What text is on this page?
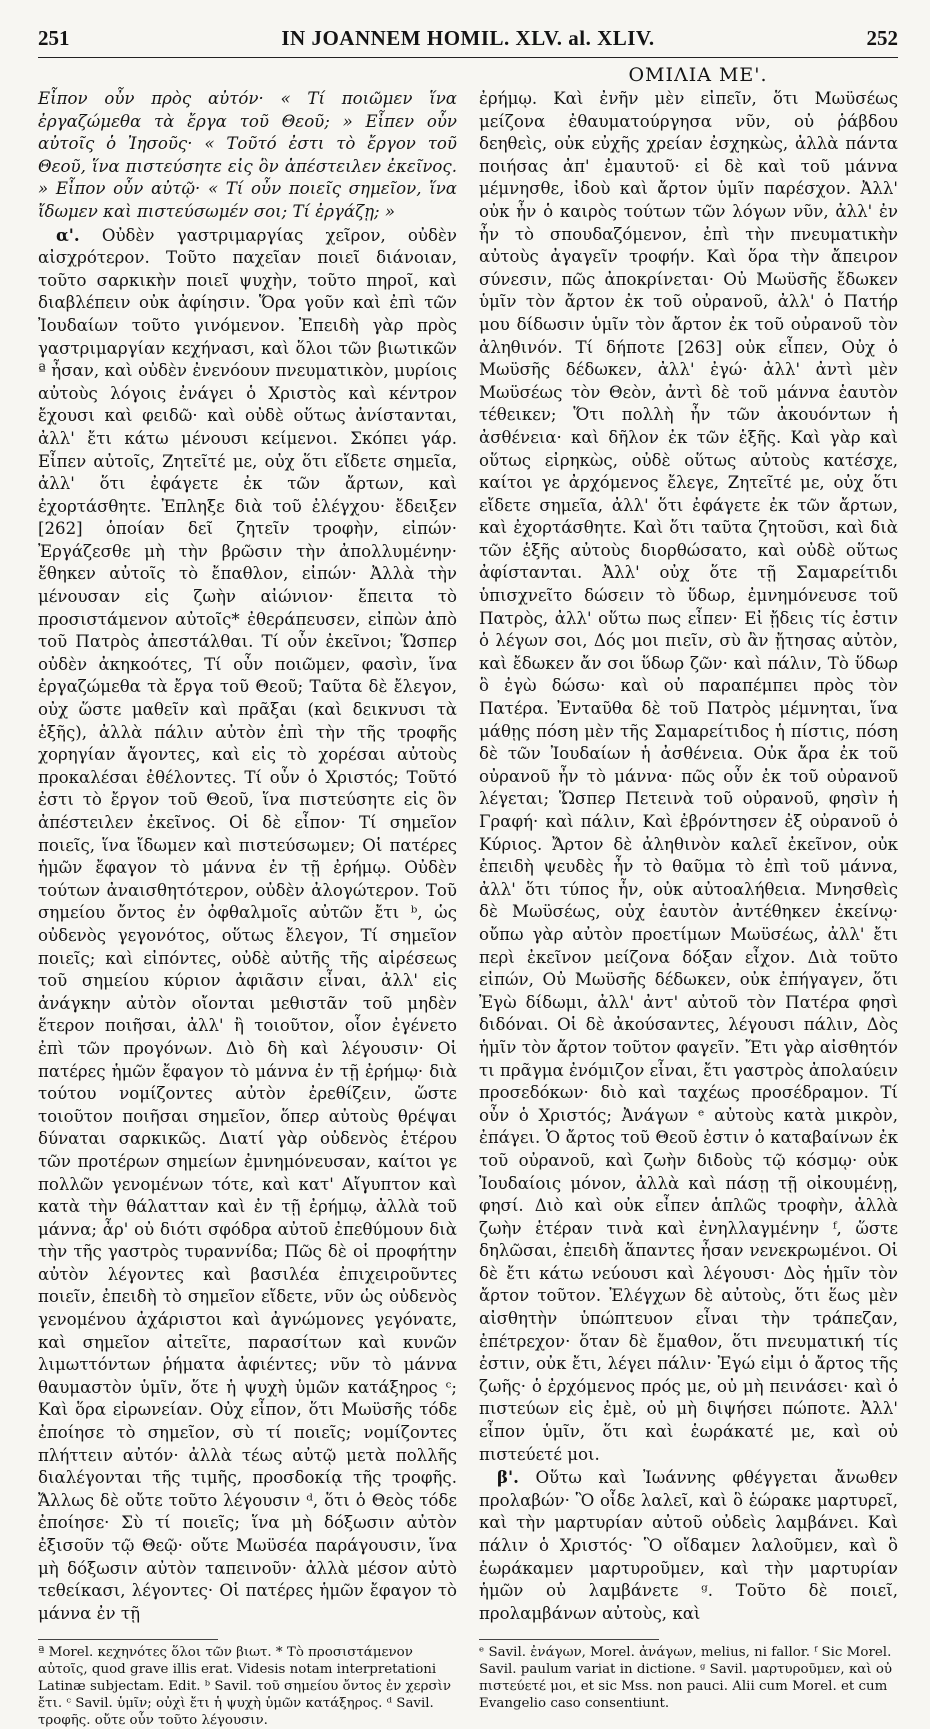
251	IN JOANNEM HOMIL. XLV. al. XLIV.	252
ΟΜΙΛΙΑ ΜΕ'.

Εἶπον οὖν πρὸς αὐτόν· « Τί ποιῶμεν ἵνα ἐργαζώμεθα τὰ ἔργα τοῦ Θεοῦ; » Εἶπεν οὖν αὐτοῖς ὁ Ἰησοῦς· « Τοῦτό ἐστι τὸ ἔργον τοῦ Θεοῦ, ἵνα πιστεύσητε εἰς ὃν ἀπέστειλεν ἐκεῖνος. » Εἶπον οὖν αὐτῷ· « Τί οὖν ποιεῖς σημεῖον, ἵνα ἴδωμεν καὶ πιστεύσωμέν σοι; Τί ἐργάζῃ; »

α'. Οὐδὲν γαστριμαργίας χεῖρον, οὐδὲν αἰσχρότερον. Τοῦτο παχεῖαν ποιεῖ διάνοιαν, τοῦτο σαρκικὴν ποιεῖ ψυχὴν, τοῦτο πηροῖ, καὶ διαβλέπειν οὐκ ἀφίησιν. Ὅρα γοῦν καὶ ἐπὶ τῶν Ἰουδαίων τοῦτο γινόμενον. Ἐπειδὴ γὰρ πρὸς γαστριμαργίαν κεχήνασι, καὶ ὅλοι τῶν βιωτικῶν ª ἦσαν, καὶ οὐδὲν ἐνενόουν πνευματικὸν, μυρίοις αὐτοὺς λόγοις ἐνάγει ὁ Χριστὸς καὶ κέντρον ἔχουσι καὶ φειδῶ· καὶ οὐδὲ οὕτως ἀνίστανται, ἀλλ' ἔτι κάτω μένουσι κείμενοι. Σκόπει γάρ. Εἶπεν αὐτοῖς, Ζητεῖτέ με, οὐχ ὅτι εἴδετε σημεῖα, ἀλλ' ὅτι ἐφάγετε ἐκ τῶν ἄρτων, καὶ ἐχορτάσθητε. Ἐπληξε διὰ τοῦ ἐλέγχου· ἔδειξεν [262] ὁποίαν δεῖ ζητεῖν τροφὴν, εἰπών· Ἐργάζεσθε μὴ τὴν βρῶσιν τὴν ἀπολλυμένην· ἔθηκεν αὐτοῖς τὸ ἔπαθλον, εἰπών· Ἀλλὰ τὴν μένουσαν εἰς ζωὴν αἰώνιον· ἔπειτα τὸ προσιστάμενον αὐτοῖς* ἐθεράπευσεν, εἰπὼν ἀπὸ τοῦ Πατρὸς ἀπεστάλθαι. Τί οὖν ἐκεῖνοι; Ὥσπερ οὐδὲν ἀκηκοότες, Τί οὖν ποιῶμεν, φασὶν, ἵνα ἐργαζώμεθα τὰ ἔργα τοῦ Θεοῦ; Ταῦτα δὲ ἔλεγον, οὐχ ὥστε μαθεῖν καὶ πρᾶξαι (καὶ δεικνυσι τὰ ἑξῆς), ἀλλὰ πάλιν αὐτὸν ἐπὶ τὴν τῆς τροφῆς χορηγίαν ἄγοντες, καὶ εἰς τὸ χορέσαι αὐτοὺς προκαλέσαι ἐθέλοντες. Τί οὖν ὁ Χριστός; Τοῦτό ἐστι τὸ ἔργον τοῦ Θεοῦ, ἵνα πιστεύσητε εἰς ὃν ἀπέστειλεν ἐκεῖνος. Οἱ δὲ εἶπον· Τί σημεῖον ποιεῖς, ἵνα ἴδωμεν καὶ πιστεύσωμεν; Οἱ πατέρες ἡμῶν ἔφαγον τὸ μάννα ἐν τῇ ἐρήμῳ. Οὐδὲν τούτων ἀναισθητότερον, οὐδὲν ἀλογώτερον. Τοῦ σημείου ὄντος ἐν ὀφθαλμοῖς αὐτῶν ἔτι ᵇ, ὡς οὐδενὸς γεγονότος, οὕτως ἔλεγον, Τί σημεῖον ποιεῖς; καὶ εἰπόντες, οὐδὲ αὐτῆς τῆς αἱρέσεως τοῦ σημείου κύριον ἀφιᾶσιν εἶναι, ἀλλ' εἰς ἀνάγκην αὐτὸν οἴονται μεθιστᾶν τοῦ μηδὲν ἕτερον ποιῆσαι, ἀλλ' ἢ τοιοῦτον, οἷον ἐγένετο ἐπὶ τῶν προγόνων. Διὸ δὴ καὶ λέγουσιν· Οἱ πατέρες ἡμῶν ἔφαγον τὸ μάννα ἐν τῇ ἐρήμῳ· διὰ τούτου νομίζοντες αὐτὸν ἐρεθίζειν, ὥστε τοιοῦτον ποιῆσαι σημεῖον, ὅπερ αὐτοὺς θρέψαι δύναται σαρκικῶς. Διατί γὰρ οὐδενὸς ἑτέρου τῶν προτέρων σημείων ἐμνημόνευσαν, καίτοι γε πολλῶν γενομένων τότε, καὶ κατ' Αἴγυπτον καὶ κατὰ τὴν θάλατταν καὶ ἐν τῇ ἐρήμῳ, ἀλλὰ τοῦ μάννα; ἆρ' οὐ διότι σφόδρα αὐτοῦ ἐπεθύμουν διὰ τὴν τῆς γαστρὸς τυραννίδα; Πῶς δὲ οἱ προφήτην αὐτὸν λέγοντες καὶ βασιλέα ἐπιχειροῦντες ποιεῖν, ἐπειδὴ τὸ σημεῖον εἴδετε, νῦν ὡς οὐδενὸς γενομένου ἀχάριστοι καὶ ἀγνώμονες γεγόνατε, καὶ σημεῖον αἰτεῖτε, παρασίτων καὶ κυνῶν λιμωττόντων ῥήματα ἀφιέντες; νῦν τὸ μάννα θαυμαστὸν ὑμῖν, ὅτε ἡ ψυχὴ ὑμῶν κατάξηρος ᶜ; Καὶ ὅρα εἰρωνείαν. Οὐχ εἶπον, ὅτι Μωϋσῆς τόδε ἐποίησε τὸ σημεῖον, σὺ τί ποιεῖς; νομίζοντες πλήττειν αὐτόν· ἀλλὰ τέως αὐτῷ μετὰ πολλῆς διαλέγονται τῆς τιμῆς, προσδοκίᾳ τῆς τροφῆς. Ἄλλως δὲ οὔτε τοῦτο λέγουσιν ᵈ, ὅτι ὁ Θεὸς τόδε ἐποίησε· Σὺ τί ποιεῖς; ἵνα μὴ δόξωσιν αὐτὸν ἐξισοῦν τῷ Θεῷ· οὔτε Μωϋσέα παράγουσιν, ἵνα μὴ δόξωσιν αὐτὸν ταπεινοῦν· ἀλλὰ μέσον αὐτὸ τεθείκασι, λέγοντες· Οἱ πατέρες ἡμῶν ἔφαγον τὸ μάννα ἐν τῇ

ἐρήμῳ. Καὶ ἐνῆν μὲν εἰπεῖν, ὅτι Μωϋσέως μείζονα ἐθαυματούργησα νῦν, οὐ ῥάβδου δεηθεὶς, οὐκ εὐχῆς χρείαν ἐσχηκὼς, ἀλλὰ πάντα ποιήσας ἀπ' ἐμαυτοῦ· εἰ δὲ καὶ τοῦ μάννα μέμνησθε, ἰδοὺ καὶ ἄρτον ὑμῖν παρέσχον. Ἀλλ' οὐκ ἦν ὁ καιρὸς τούτων τῶν λόγων νῦν, ἀλλ' ἐν ἦν τὸ σπουδαζόμενον, ἐπὶ τὴν πνευματικὴν αὐτοὺς ἀγαγεῖν τροφήν. Καὶ ὅρα τὴν ἄπειρον σύνεσιν, πῶς ἀποκρίνεται· Οὐ Μωϋσῆς ἔδωκεν ὑμῖν τὸν ἄρτον ἐκ τοῦ οὐρανοῦ, ἀλλ' ὁ Πατήρ μου δίδωσιν ὑμῖν τὸν ἄρτον ἐκ τοῦ οὐρανοῦ τὸν ἀληθινόν. Τί δήποτε [263] οὐκ εἶπεν, Οὐχ ὁ Μωϋσῆς δέδωκεν, ἀλλ' ἐγώ· ἀλλ' ἀντὶ μὲν Μωϋσέως τὸν Θεὸν, ἀντὶ δὲ τοῦ μάννα ἑαυτὸν τέθεικεν; Ὅτι πολλὴ ἦν τῶν ἀκουόντων ἡ ἀσθένεια· καὶ δῆλον ἐκ τῶν ἑξῆς. Καὶ γὰρ καὶ οὕτως εἰρηκὼς, οὐδὲ οὕτως αὐτοὺς κατέσχε, καίτοι γε ἀρχόμενος ἔλεγε, Ζητεῖτέ με, οὐχ ὅτι εἴδετε σημεῖα, ἀλλ' ὅτι ἐφάγετε ἐκ τῶν ἄρτων, καὶ ἐχορτάσθητε. Καὶ ὅτι ταῦτα ζητοῦσι, καὶ διὰ τῶν ἑξῆς αὐτοὺς διορθώσατο, καὶ οὐδὲ οὕτως ἀφίστανται. Ἀλλ' οὐχ ὅτε τῇ Σαμαρείτιδι ὑπισχνεῖτο δώσειν τὸ ὕδωρ, ἐμνημόνευσε τοῦ Πατρὸς, ἀλλ' οὕτω πως εἶπεν· Εἰ ᾔδεις τίς ἐστιν ὁ λέγων σοι, Δός μοι πιεῖν, σὺ ἂν ᾔτησας αὐτὸν, καὶ ἔδωκεν ἄν σοι ὕδωρ ζῶν· καὶ πάλιν, Τὸ ὕδωρ ὃ ἐγὼ δώσω· καὶ οὐ παραπέμπει πρὸς τὸν Πατέρα. Ἐνταῦθα δὲ τοῦ Πατρὸς μέμνηται, ἵνα μάθῃς πόση μὲν τῆς Σαμαρείτιδος ἡ πίστις, πόση δὲ τῶν Ἰουδαίων ἡ ἀσθένεια. Οὐκ ἄρα ἐκ τοῦ οὐρανοῦ ἦν τὸ μάννα· πῶς οὖν ἐκ τοῦ οὐρανοῦ λέγεται; Ὥσπερ Πετεινὰ τοῦ οὐρανοῦ, φησὶν ἡ Γραφή· καὶ πάλιν, Καὶ ἐβρόντησεν ἐξ οὐρανοῦ ὁ Κύριος. Ἄρτον δὲ ἀληθινὸν καλεῖ ἐκεῖνον, οὐκ ἐπειδὴ ψευδὲς ἦν τὸ θαῦμα τὸ ἐπὶ τοῦ μάννα, ἀλλ' ὅτι τύπος ἦν, οὐκ αὐτοαλήθεια. Μνησθεὶς δὲ Μωϋσέως, οὐχ ἑαυτὸν ἀντέθηκεν ἐκείνῳ· οὔπω γὰρ αὐτὸν προετίμων Μωϋσέως, ἀλλ' ἔτι περὶ ἐκεῖνον μείζονα δόξαν εἶχον. Διὰ τοῦτο εἰπών, Οὐ Μωϋσῆς δέδωκεν, οὐκ ἐπήγαγεν, ὅτι Ἐγὼ δίδωμι, ἀλλ' ἀντ' αὐτοῦ τὸν Πατέρα φησὶ διδόναι. Οἱ δὲ ἀκούσαντες, λέγουσι πάλιν, Δὸς ἡμῖν τὸν ἄρτον τοῦτον φαγεῖν. Ἔτι γὰρ αἰσθητόν τι πρᾶγμα ἐνόμιζον εἶναι, ἔτι γαστρὸς ἀπολαύειν προσεδόκων· διὸ καὶ ταχέως προσέδραμον. Τί οὖν ὁ Χριστός; Ἀνάγων ᵉ αὐτοὺς κατὰ μικρὸν, ἐπάγει. Ὁ ἄρτος τοῦ Θεοῦ ἐστιν ὁ καταβαίνων ἐκ τοῦ οὐρανοῦ, καὶ ζωὴν διδοὺς τῷ κόσμῳ· οὐκ Ἰουδαίοις μόνον, ἀλλὰ καὶ πάσῃ τῇ οἰκουμένῃ, φησί. Διὸ καὶ οὐκ εἶπεν ἁπλῶς τροφὴν, ἀλλὰ ζωὴν ἑτέραν τινὰ καὶ ἐνηλλαγμένην ᶠ, ὥστε δηλῶσαι, ἐπειδὴ ἅπαντες ἦσαν νενεκρωμένοι. Οἱ δὲ ἔτι κάτω νεύουσι καὶ λέγουσι· Δὸς ἡμῖν τὸν ἄρτον τοῦτον. Ἐλέγχων δὲ αὐτοὺς, ὅτι ἕως μὲν αἰσθητὴν ὑπώπτευον εἶναι τὴν τράπεζαν, ἐπέτρεχον· ὅταν δὲ ἔμαθον, ὅτι πνευματική τίς ἐστιν, οὐκ ἔτι, λέγει πάλιν· Ἐγώ εἰμι ὁ ἄρτος τῆς ζωῆς· ὁ ἐρχόμενος πρός με, οὐ μὴ πεινάσει· καὶ ὁ πιστεύων εἰς ἐμὲ, οὐ μὴ διψήσει πώποτε. Ἀλλ' εἶπον ὑμῖν, ὅτι καὶ ἑωράκατέ με, καὶ οὐ πιστεύετέ μοι.

β'. Οὕτω καὶ Ἰωάννης φθέγγεται ἄνωθεν προλαβών· Ὃ οἶδε λαλεῖ, καὶ ὃ ἑώρακε μαρτυρεῖ, καὶ τὴν μαρτυρίαν αὐτοῦ οὐδεὶς λαμβάνει. Καὶ πάλιν ὁ Χριστός· Ὃ οἴδαμεν λαλοῦμεν, καὶ ὃ ἑωράκαμεν μαρτυροῦμεν, καὶ τὴν μαρτυρίαν ἡμῶν οὐ λαμβάνετε ᵍ. Τοῦτο δὲ ποιεῖ, προλαμβάνων αὐτοὺς, καὶ

ª Morel. κεχηνότες ὅλοι τῶν βιωτ. * Τὸ προσιστάμενον αὐτοῖς, quod grave illis erat. Videsis notam interpretationi Latinæ subjectam. Edit. ᵇ Savil. τοῦ σημείου ὄντος ἐν χερσὶν ἔτι. ᶜ Savil. ὑμῖν; οὐχὶ ἔτι ἡ ψυχὴ ὑμῶν κατάξηρος. ᵈ Savil. τροφῆς. οὔτε οὖν τοῦτο λέγουσιν.
ᵉ Savil. ἐνάγων, Morel. ἀνάγων, melius, ni fallor. ᶠ Sic Morel. Savil. paulum variat in dictione. ᵍ Savil. μαρτυροῦμεν, καὶ οὐ πιστεύετέ μοι, et sic Mss. non pauci. Alii cum Morel. et cum Evangelio caso consentiunt.
